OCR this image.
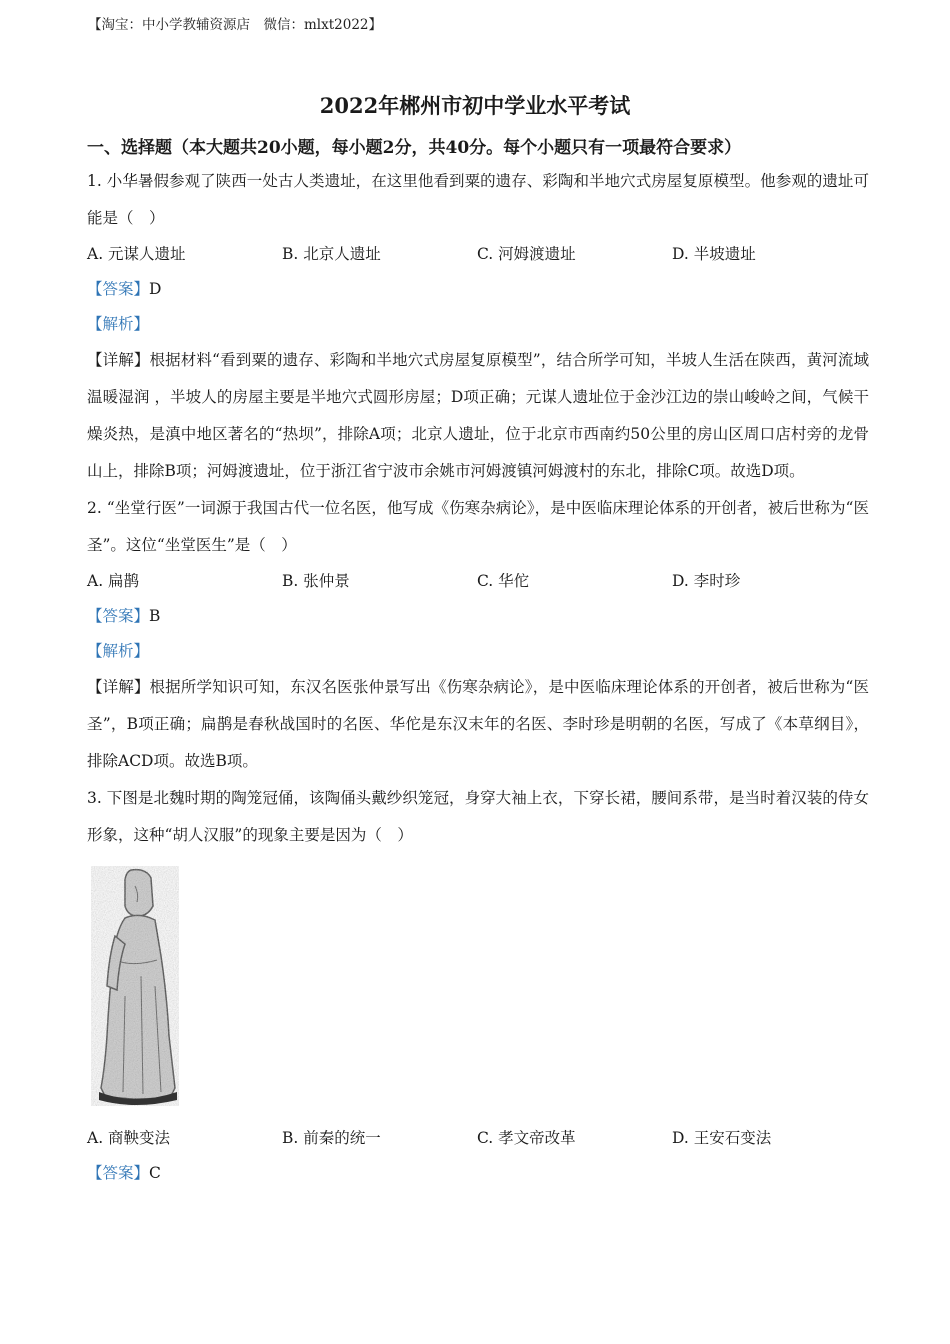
【淘宝：中小学教辅资源店　微信：mlxt2022】
2022年郴州市初中学业水平考试
一、选择题（本大题共20小题，每小题2分，共40分。每个小题只有一项最符合要求）
1. 小华暑假参观了陕西一处古人类遗址，在这里他看到粟的遗存、彩陶和半地穴式房屋复原模型。他参观的遗址可能是（　）
A. 元谋人遗址	B. 北京人遗址	C. 河姆渡遗址	D. 半坡遗址
【答案】D
【解析】
【详解】根据材料“看到粟的遗存、彩陶和半地穴式房屋复原模型”，结合所学可知，半坡人生活在陕西，黄河流域温暖湿润 ，半坡人的房屋主要是半地穴式圆形房屋；D项正确；元谋人遗址位于金沙江边的崇山峻岭之间，气候干燥炎热，是滇中地区著名的“热坝”，排除A项；北京人遗址，位于北京市西南约50公里的房山区周口店村旁的龙骨山上，排除B项；河姆渡遗址，位于浙江省宁波市余姚市河姆渡镇河姆渡村的东北，排除C项。故选D项。
2. “坐堂行医”一词源于我国古代一位名医，他写成《伤寒杂病论》，是中医临床理论体系的开创者，被后世称为“医圣”。这位“坐堂医生”是（　）
A. 扁鹊	B. 张仲景	C. 华佗	D. 李时珍
【答案】B
【解析】
【详解】根据所学知识可知，东汉名医张仲景写出《伤寒杂病论》，是中医临床理论体系的开创者，被后世称为“医圣”，B项正确；扁鹊是春秋战国时的名医、华佗是东汉末年的名医、李时珍是明朝的名医，写成了《本草纲目》，排除ACD项。故选B项。
3. 下图是北魏时期的陶笼冠俑，该陶俑头戴纱织笼冠，身穿大袖上衣，下穿长裙，腰间系带，是当时着汉装的侍女形象，这种“胡人汉服”的现象主要是因为（　）
A. 商鞅变法	B. 前秦的统一	C. 孝文帝改革	D. 王安石变法
【答案】C
